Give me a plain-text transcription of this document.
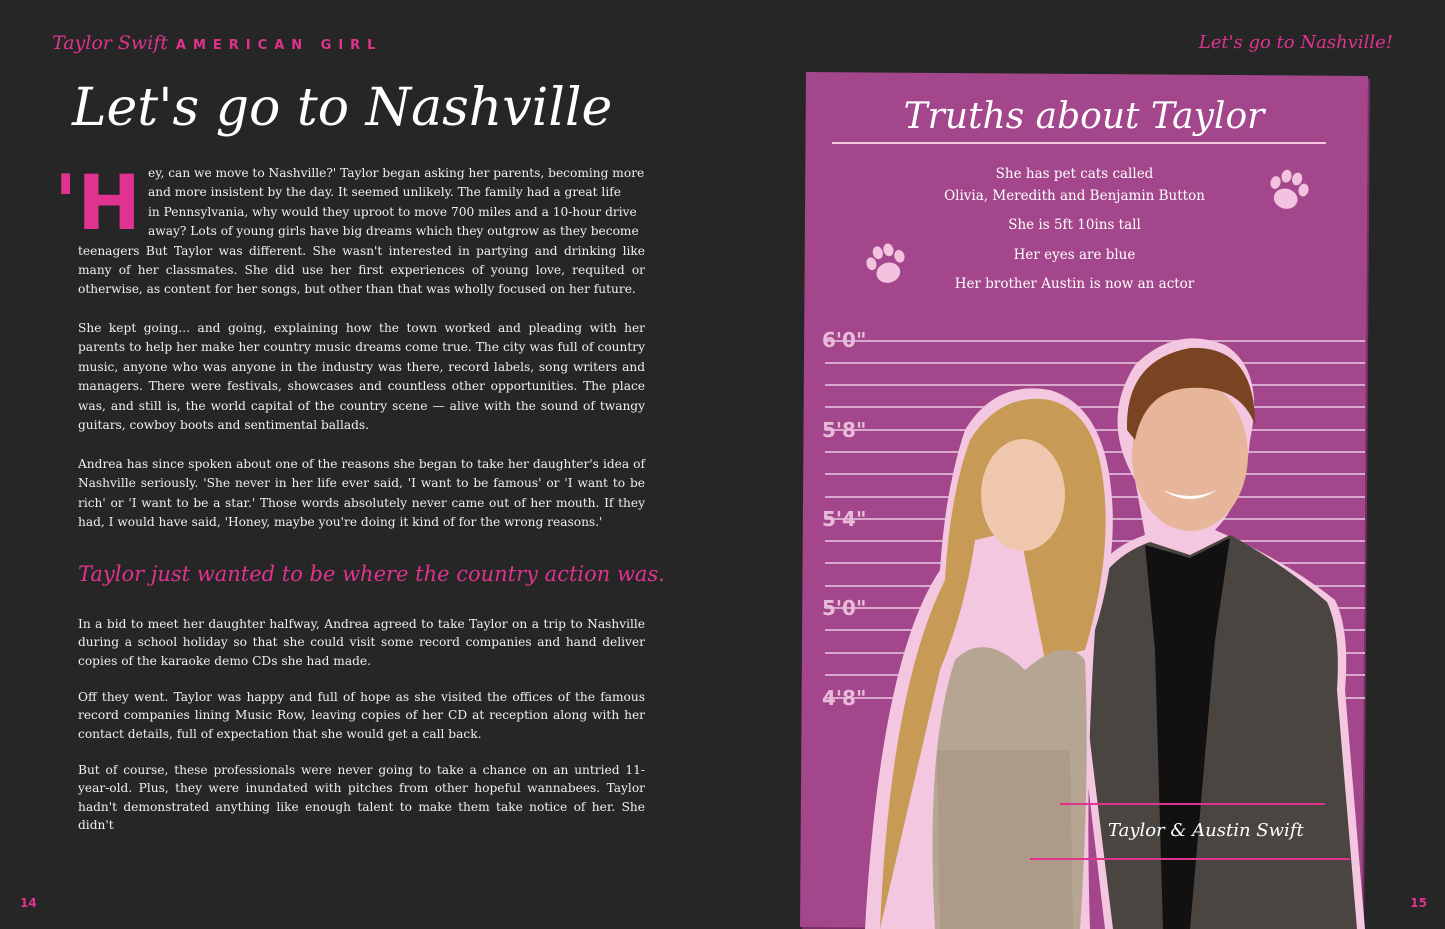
Taylor Swift AMERICAN GIRL	Let's go to Nashville!
Let's go to Nashville
'H ey, can we move to Nashville?' Taylor began asking her parents, becoming more
and more insistent by the day. It seemed unlikely. The family had a great life
in Pennsylvania, why would they uproot to move 700 miles and a 10-hour drive
away? Lots of young girls have big dreams which they outgrow as they become
teenagers But Taylor was different. She wasn't interested in partying and drinking like many of her classmates. She did use her first experiences of young love, requited or otherwise, as content for her songs, but other than that was wholly focused on her future.
She kept going... and going, explaining how the town worked and pleading with her parents to help her make her country music dreams come true. The city was full of country music, anyone who was anyone in the industry was there, record labels, song writers and managers. There were festivals, showcases and countless other opportunities. The place was, and still is, the world capital of the country scene — alive with the sound of twangy guitars, cowboy boots and sentimental ballads.
Andrea has since spoken about one of the reasons she began to take her daughter's idea of Nashville seriously. 'She never in her life ever said, 'I want to be famous' or 'I want to be rich' or 'I want to be a star.' Those words absolutely never came out of her mouth. If they had, I would have said, 'Honey, maybe you're doing it kind of for the wrong reasons.'
Taylor just wanted to be where the country action was.
In a bid to meet her daughter halfway, Andrea agreed to take Taylor on a trip to Nashville during a school holiday so that she could visit some record companies and hand deliver copies of the karaoke demo CDs she had made.
Off they went. Taylor was happy and full of hope as she visited the offices of the famous record companies lining Music Row, leaving copies of her CD at reception along with her contact details, full of expectation that she would get a call back.
But of course, these professionals were never going to take a chance on an untried 11-year-old. Plus, they were inundated with pitches from other hopeful wannabees. Taylor hadn't demonstrated anything like enough talent to make them take notice of her. She didn't
14	15
Truths about Taylor
She has pet cats called
Olivia, Meredith and Benjamin Button
She is 5ft 10ins tall
Her eyes are blue
Her brother Austin is now an actor
6'0"
5'8"
5'4"
5'0"
4'8"
Taylor & Austin Swift
